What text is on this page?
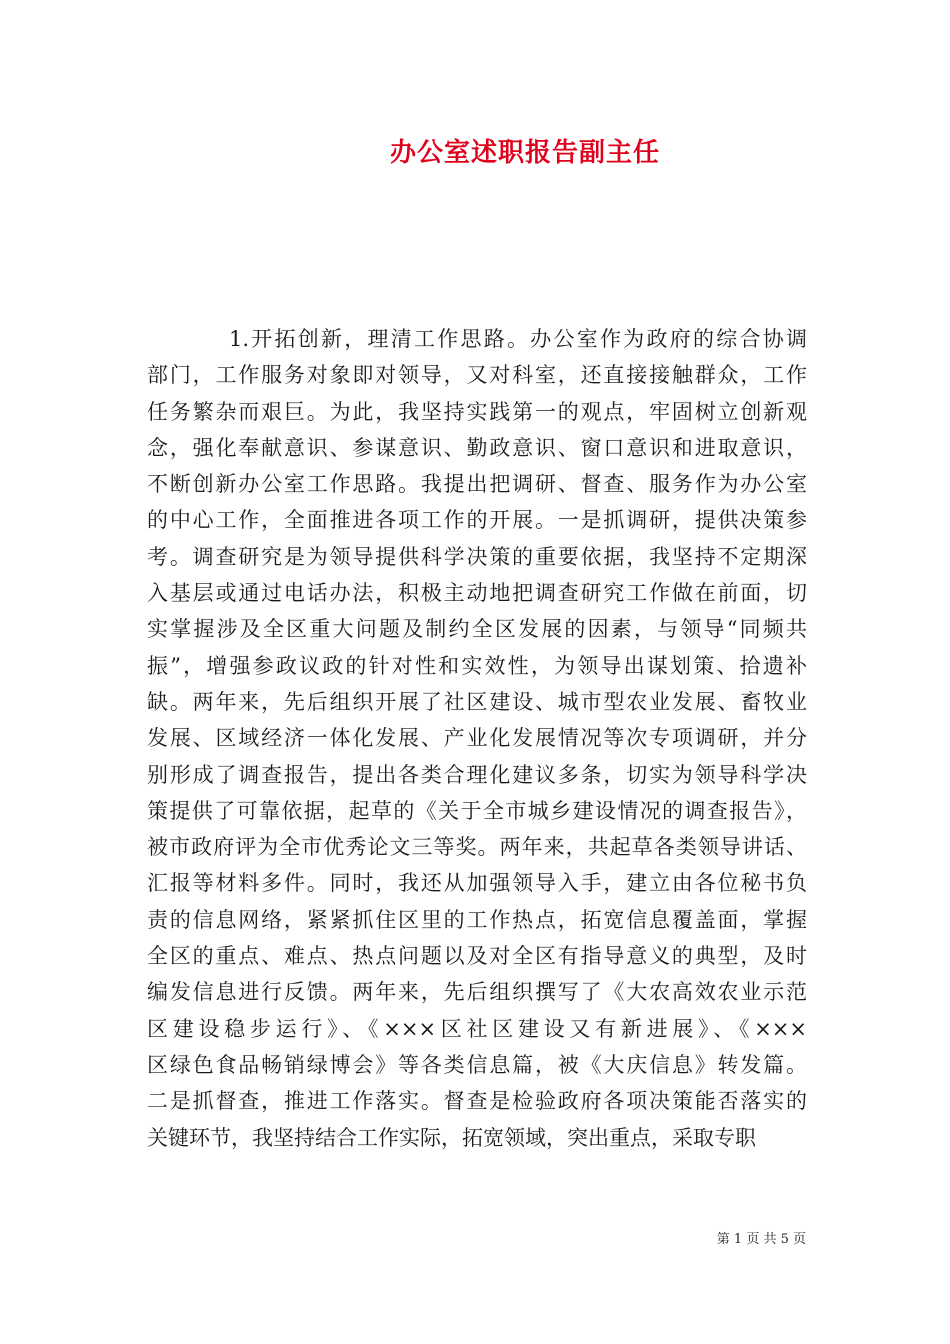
办公室述职报告副主任
1.开拓创新，理清工作思路。办公室作为政府的综合协调
部门，工作服务对象即对领导，又对科室，还直接接触群众，工作
任务繁杂而艰巨。为此，我坚持实践第一的观点，牢固树立创新观
念，强化奉献意识、参谋意识、勤政意识、窗口意识和进取意识，
不断创新办公室工作思路。我提出把调研、督查、服务作为办公室
的中心工作，全面推进各项工作的开展。一是抓调研，提供决策参
考。调查研究是为领导提供科学决策的重要依据，我坚持不定期深
入基层或通过电话办法，积极主动地把调查研究工作做在前面，切
实掌握涉及全区重大问题及制约全区发展的因素，与领导“同频共
振”，增强参政议政的针对性和实效性，为领导出谋划策、拾遗补
缺。两年来，先后组织开展了社区建设、城市型农业发展、畜牧业
发展、区域经济一体化发展、产业化发展情况等次专项调研，并分
别形成了调查报告，提出各类合理化建议多条，切实为领导科学决
策提供了可靠依据，起草的《关于全市城乡建设情况的调查报告》，
被市政府评为全市优秀论文三等奖。两年来，共起草各类领导讲话、
汇报等材料多件。同时，我还从加强领导入手，建立由各位秘书负
责的信息网络，紧紧抓住区里的工作热点，拓宽信息覆盖面，掌握
全区的重点、难点、热点问题以及对全区有指导意义的典型，及时
编发信息进行反馈。两年来，先后组织撰写了《大农高效农业示范
区建设稳步运行》、《×××区社区建设又有新进展》、《×××
区绿色食品畅销绿博会》等各类信息篇，被《大庆信息》转发篇。
二是抓督查，推进工作落实。督查是检验政府各项决策能否落实的
关键环节，我坚持结合工作实际，拓宽领域，突出重点，采取专职
第 1 页 共 5 页
